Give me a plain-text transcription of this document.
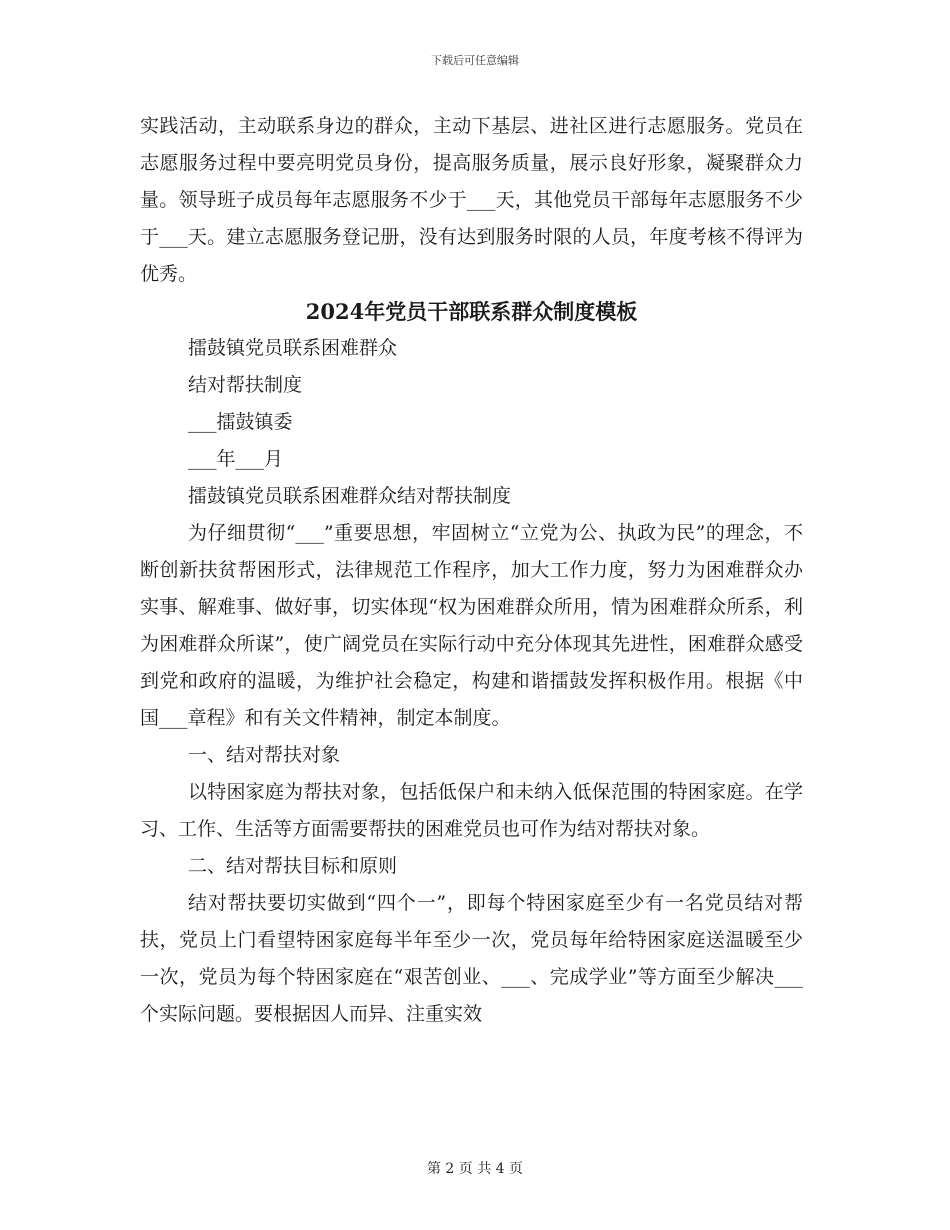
下载后可任意编辑

实践活动，主动联系身边的群众，主动下基层、进社区进行志愿服务。党员在志愿服务过程中要亮明党员身份，提高服务质量，展示良好形象，凝聚群众力量。领导班子成员每年志愿服务不少于___天，其他党员干部每年志愿服务不少于___天。建立志愿服务登记册，没有达到服务时限的人员，年度考核不得评为优秀。

2024年党员干部联系群众制度模板

擂鼓镇党员联系困难群众

结对帮扶制度

___擂鼓镇委

___年___月

擂鼓镇党员联系困难群众结对帮扶制度

为仔细贯彻“___”重要思想，牢固树立“立党为公、执政为民”的理念，不断创新扶贫帮困形式，法律规范工作程序，加大工作力度，努力为困难群众办实事、解难事、做好事，切实体现“权为困难群众所用，情为困难群众所系，利为困难群众所谋”，使广阔党员在实际行动中充分体现其先进性，困难群众感受到党和政府的温暖，为维护社会稳定，构建和谐擂鼓发挥积极作用。根据《中国___章程》和有关文件精神，制定本制度。

一、结对帮扶对象

以特困家庭为帮扶对象，包括低保户和未纳入低保范围的特困家庭。在学习、工作、生活等方面需要帮扶的困难党员也可作为结对帮扶对象。

二、结对帮扶目标和原则

结对帮扶要切实做到“四个一”，即每个特困家庭至少有一名党员结对帮扶，党员上门看望特困家庭每半年至少一次，党员每年给特困家庭送温暖至少一次，党员为每个特困家庭在“艰苦创业、___、完成学业”等方面至少解决___个实际问题。要根据因人而异、注重实效

第 2 页 共 4 页
